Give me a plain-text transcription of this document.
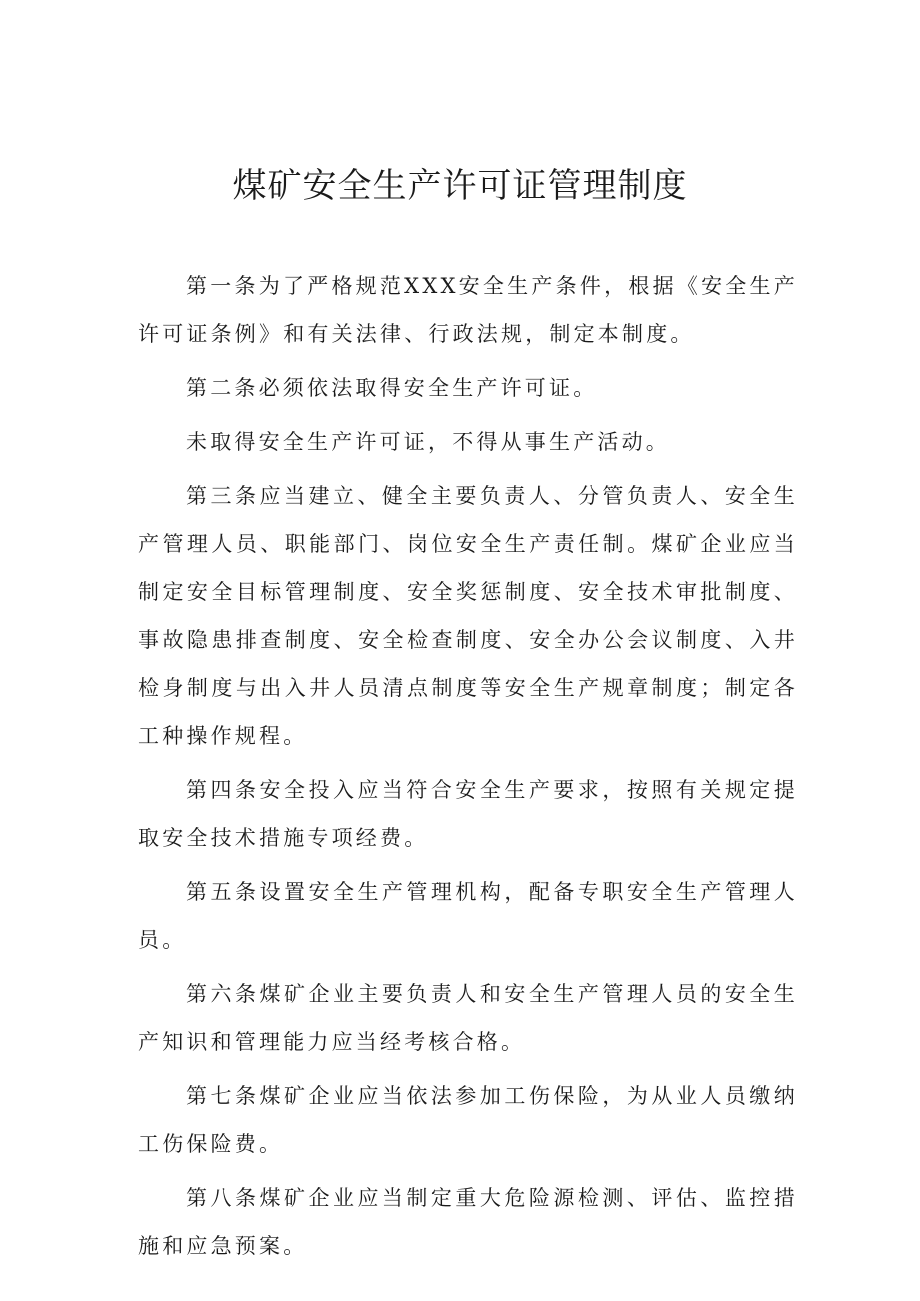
煤矿安全生产许可证管理制度

第一条为了严格规范XXX安全生产条件，根据《安全生产许可证条例》和有关法律、行政法规，制定本制度。

第二条必须依法取得安全生产许可证。

未取得安全生产许可证，不得从事生产活动。

第三条应当建立、健全主要负责人、分管负责人、安全生产管理人员、职能部门、岗位安全生产责任制。煤矿企业应当制定安全目标管理制度、安全奖惩制度、安全技术审批制度、事故隐患排查制度、安全检查制度、安全办公会议制度、入井检身制度与出入井人员清点制度等安全生产规章制度；制定各工种操作规程。

第四条安全投入应当符合安全生产要求，按照有关规定提取安全技术措施专项经费。

第五条设置安全生产管理机构，配备专职安全生产管理人员。

第六条煤矿企业主要负责人和安全生产管理人员的安全生产知识和管理能力应当经考核合格。

第七条煤矿企业应当依法参加工伤保险，为从业人员缴纳工伤保险费。

第八条煤矿企业应当制定重大危险源检测、评估、监控措施和应急预案。
